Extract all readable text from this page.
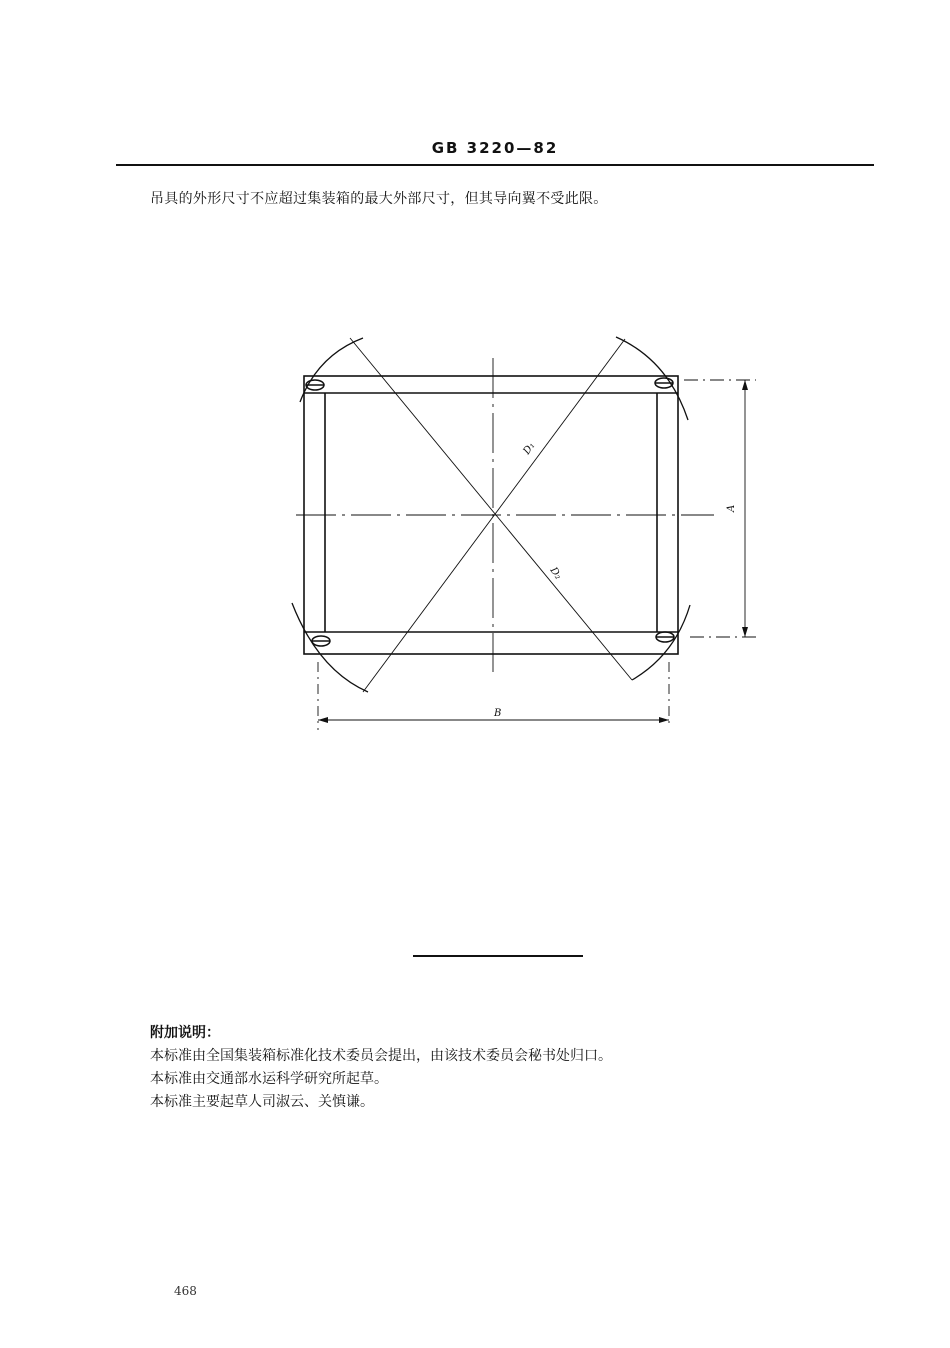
GB 3220—82
吊具的外形尺寸不应超过集装箱的最大外部尺寸，但其导向翼不受此限。
A
B
D₁
D₂
附加说明：
本标准由全国集装箱标准化技术委员会提出，由该技术委员会秘书处归口。
本标准由交通部水运科学研究所起草。
本标准主要起草人司淑云、关慎谦。
468
